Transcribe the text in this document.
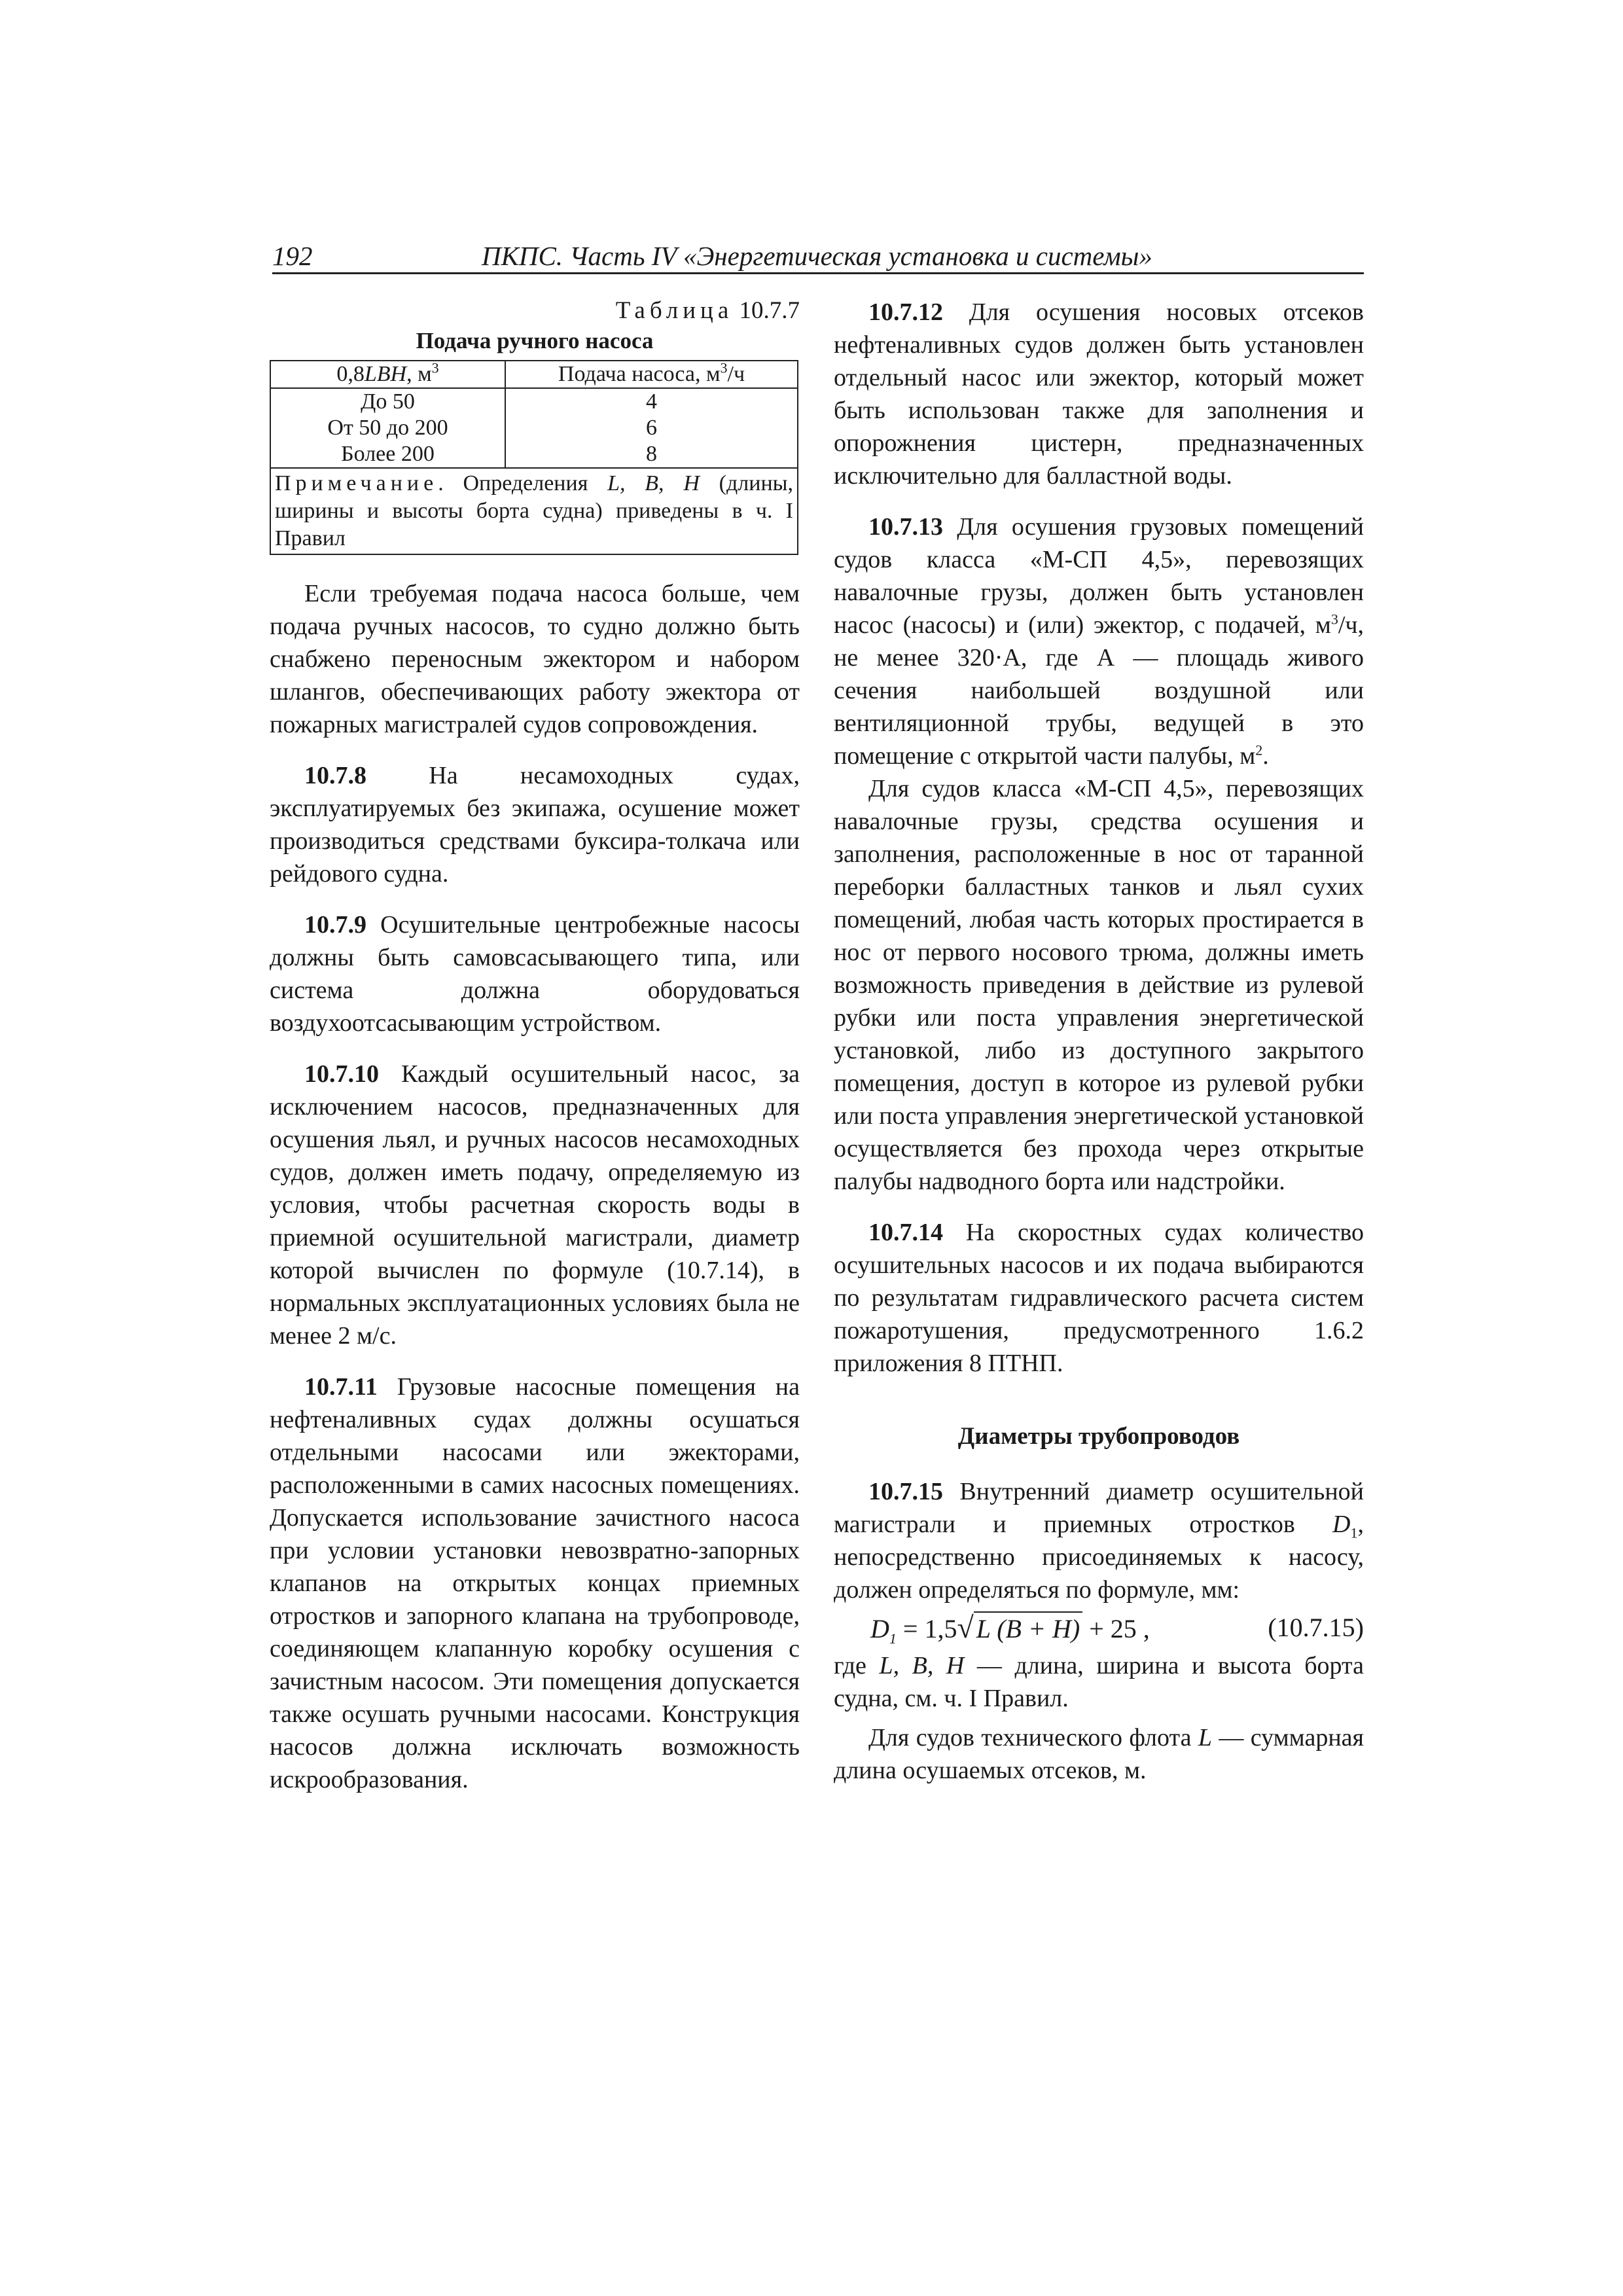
192	ПКПС. Часть IV «Энергетическая установка и системы»
Таблица 10.7.7
Подача ручного насоса
0,8LBH, $м^3$	Подача насоса, $м^3/ч$
До 50	4
От 50 до 200	6
Более 200	8
Примечание. Определения L, B, H (длины, ширины и высоты борта судна) приведены в ч. I Правил	

Если требуемая подача насоса больше, чем подача ручных насосов, то судно должно быть снабжено переносным эжектором и набором шлангов, обеспечивающих работу эжектора от пожарных магистралей судов сопровождения.

10.7.8 На несамоходных судах, эксплуатируемых без экипажа, осушение может производиться средствами буксира-толкача или рейдового судна.

10.7.9 Осушительные центробежные насосы должны быть самовсасывающего типа, или система должна оборудоваться воздухоотсасывающим устройством.

10.7.10 Каждый осушительный насос, за исключением насосов, предназначенных для осушения льял, и ручных насосов несамоходных судов, должен иметь подачу, определяемую из условия, чтобы расчетная скорость воды в приемной осушительной магистрали, диаметр которой вычислен по формуле (10.7.14), в нормальных эксплуатационных условиях была не менее 2 м/с.

10.7.11 Грузовые насосные помещения на нефтеналивных судах должны осушаться отдельными насосами или эжекторами, расположенными в самих насосных помещениях. Допускается использование зачистного насоса при условии установки невозвратно-запорных клапанов на открытых концах приемных отростков и запорного клапана на трубопроводе, соединяющем клапанную коробку осушения с зачистным насосом. Эти помещения допускается также осушать ручными насосами. Конструкция насосов должна исключать возможность искрообразования.

10.7.12 Для осушения носовых отсеков нефтеналивных судов должен быть установлен отдельный насос или эжектор, который может быть использован также для заполнения и опорожнения цистерн, предназначенных исключительно для балластной воды.

10.7.13 Для осушения грузовых помещений судов класса «М-СП 4,5», перевозящих навалочные грузы, должен быть установлен насос (насосы) и (или) эжектор, с подачей, $м^3/ч$, не менее 320·А, где А — площадь живого сечения наибольшей воздушной или вентиляционной трубы, ведущей в это помещение с открытой части палубы, $м^2$.

Для судов класса «М-СП 4,5», перевозящих навалочные грузы, средства осушения и заполнения, расположенные в нос от таранной переборки балластных танков и льял сухих помещений, любая часть которых простирается в нос от первого носового трюма, должны иметь возможность приведения в действие из рулевой рубки или поста управления энергетической установкой, либо из доступного закрытого помещения, доступ в которое из рулевой рубки или поста управления энергетической установкой осуществляется без прохода через открытые палубы надводного борта или надстройки.

10.7.14 На скоростных судах количество осушительных насосов и их подача выбираются по результатам гидравлического расчета систем пожаротушения, предусмотренного 1.6.2 приложения 8 ПТНП.

Диаметры трубопроводов

10.7.15 Внутренний диаметр осушительной магистрали и приемных отростков $D_1$, непосредственно присоединяемых к насосу, должен определяться по формуле, мм:

$D_1 = 1,5√$ L (B + H) + 25 ,	(10.7.15)

где L, B, H — длина, ширина и высота борта судна, см. ч. I Правил.

Для судов технического флота L — суммарная длина осушаемых отсеков, м.
